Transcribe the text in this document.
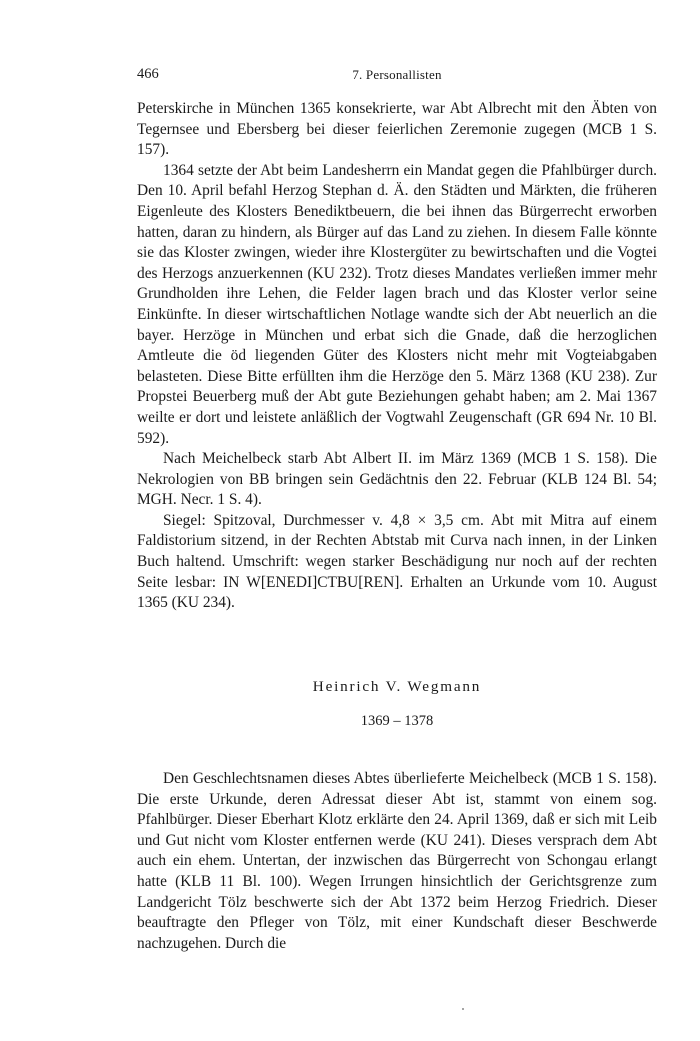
466	7. Personallisten

Peterskirche in München 1365 konsekrierte, war Abt Albrecht mit den Äbten von Tegernsee und Ebersberg bei dieser feierlichen Zeremonie zugegen (MCB 1 S. 157).

1364 setzte der Abt beim Landesherrn ein Mandat gegen die Pfahlbürger durch. Den 10. April befahl Herzog Stephan d. Ä. den Städten und Märkten, die früheren Eigenleute des Klosters Benediktbeuern, die bei ihnen das Bürgerrecht erworben hatten, daran zu hindern, als Bürger auf das Land zu ziehen. In diesem Falle könnte sie das Kloster zwingen, wieder ihre Klostergüter zu bewirtschaften und die Vogtei des Herzogs anzuerkennen (KU 232). Trotz dieses Mandates verließen immer mehr Grundholden ihre Lehen, die Felder lagen brach und das Kloster verlor seine Einkünfte. In dieser wirtschaftlichen Notlage wandte sich der Abt neuerlich an die bayer. Herzöge in München und erbat sich die Gnade, daß die herzoglichen Amtleute die öd liegenden Güter des Klosters nicht mehr mit Vogteiabgaben belasteten. Diese Bitte erfüllten ihm die Herzöge den 5. März 1368 (KU 238). Zur Propstei Beuerberg muß der Abt gute Beziehungen gehabt haben; am 2. Mai 1367 weilte er dort und leistete anläßlich der Vogtwahl Zeugenschaft (GR 694 Nr. 10 Bl. 592).

Nach Meichelbeck starb Abt Albert II. im März 1369 (MCB 1 S. 158). Die Nekrologien von BB bringen sein Gedächtnis den 22. Februar (KLB 124 Bl. 54; MGH. Necr. 1 S. 4).

Siegel: Spitzoval, Durchmesser v. 4,8 × 3,5 cm. Abt mit Mitra auf einem Faldistorium sitzend, in der Rechten Abtstab mit Curva nach innen, in der Linken Buch haltend. Umschrift: wegen starker Beschädigung nur noch auf der rechten Seite lesbar: IN W[ENEDI]CTBU[REN]. Erhalten an Urkunde vom 10. August 1365 (KU 234).

Heinrich V. Wegmann
1369 – 1378

Den Geschlechtsnamen dieses Abtes überlieferte Meichelbeck (MCB 1 S. 158). Die erste Urkunde, deren Adressat dieser Abt ist, stammt von einem sog. Pfahlbürger. Dieser Eberhart Klotz erklärte den 24. April 1369, daß er sich mit Leib und Gut nicht vom Kloster entfernen werde (KU 241). Dieses versprach dem Abt auch ein ehem. Untertan, der inzwischen das Bürgerrecht von Schongau erlangt hatte (KLB 11 Bl. 100). Wegen Irrungen hinsichtlich der Gerichtsgrenze zum Landgericht Tölz beschwerte sich der Abt 1372 beim Herzog Friedrich. Dieser beauftragte den Pfleger von Tölz, mit einer Kundschaft dieser Beschwerde nachzugehen. Durch die
